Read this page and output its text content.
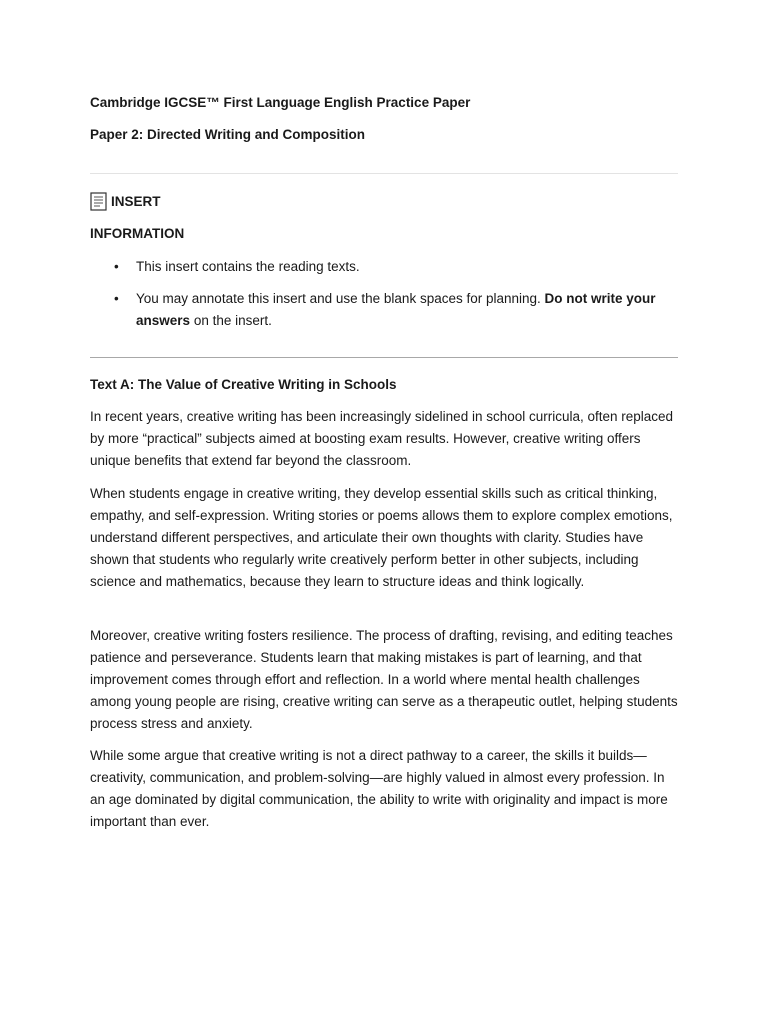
Cambridge IGCSE™ First Language English Practice Paper

Paper 2: Directed Writing and Composition

INSERT

INFORMATION

• This insert contains the reading texts.
• You may annotate this insert and use the blank spaces for planning. Do not write your answers on the insert.

Text A: The Value of Creative Writing in Schools

In recent years, creative writing has been increasingly sidelined in school curricula, often replaced by more “practical” subjects aimed at boosting exam results. However, creative writing offers unique benefits that extend far beyond the classroom.

When students engage in creative writing, they develop essential skills such as critical thinking, empathy, and self-expression. Writing stories or poems allows them to explore complex emotions, understand different perspectives, and articulate their own thoughts with clarity. Studies have shown that students who regularly write creatively perform better in other subjects, including science and mathematics, because they learn to structure ideas and think logically.

Moreover, creative writing fosters resilience. The process of drafting, revising, and editing teaches patience and perseverance. Students learn that making mistakes is part of learning, and that improvement comes through effort and reflection. In a world where mental health challenges among young people are rising, creative writing can serve as a therapeutic outlet, helping students process stress and anxiety.

While some argue that creative writing is not a direct pathway to a career, the skills it builds—creativity, communication, and problem-solving—are highly valued in almost every profession. In an age dominated by digital communication, the ability to write with originality and impact is more important than ever.
